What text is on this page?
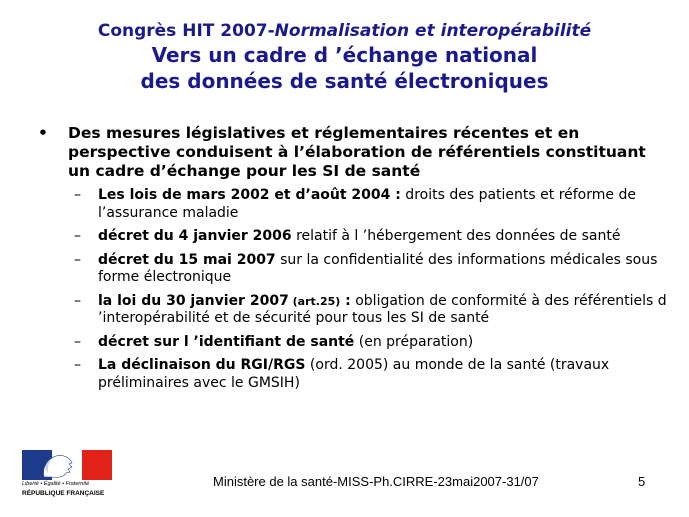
Congrès HIT 2007-Normalisation et interopérabilité
Vers un cadre d ’échange national
des données de santé électroniques
• Des mesures législatives et réglementaires récentes et en perspective conduisent à l’élaboration de référentiels constituant un cadre d’échange pour les SI de santé
– Les lois de mars 2002 et d’août 2004 : droits des patients et réforme de l’assurance maladie
– décret du 4 janvier 2006 relatif à l ’hébergement des données de santé
– décret du 15 mai 2007 sur la confidentialité des informations médicales sous forme électronique
– la loi du 30 janvier 2007 (art.25) : obligation de conformité à des référentiels d ’interopérabilité et de sécurité pour tous les SI de santé
– décret sur l ’identifiant de santé (en préparation)
– La déclinaison du RGI/RGS (ord. 2005) au monde de la santé (travaux préliminaires avec le GMSIH)
Liberté • Égalité • Fraternité
RÉPUBLIQUE FRANÇAISE
Ministère de la santé-MISS-Ph.CIRRE-23mai2007-31/07	5
